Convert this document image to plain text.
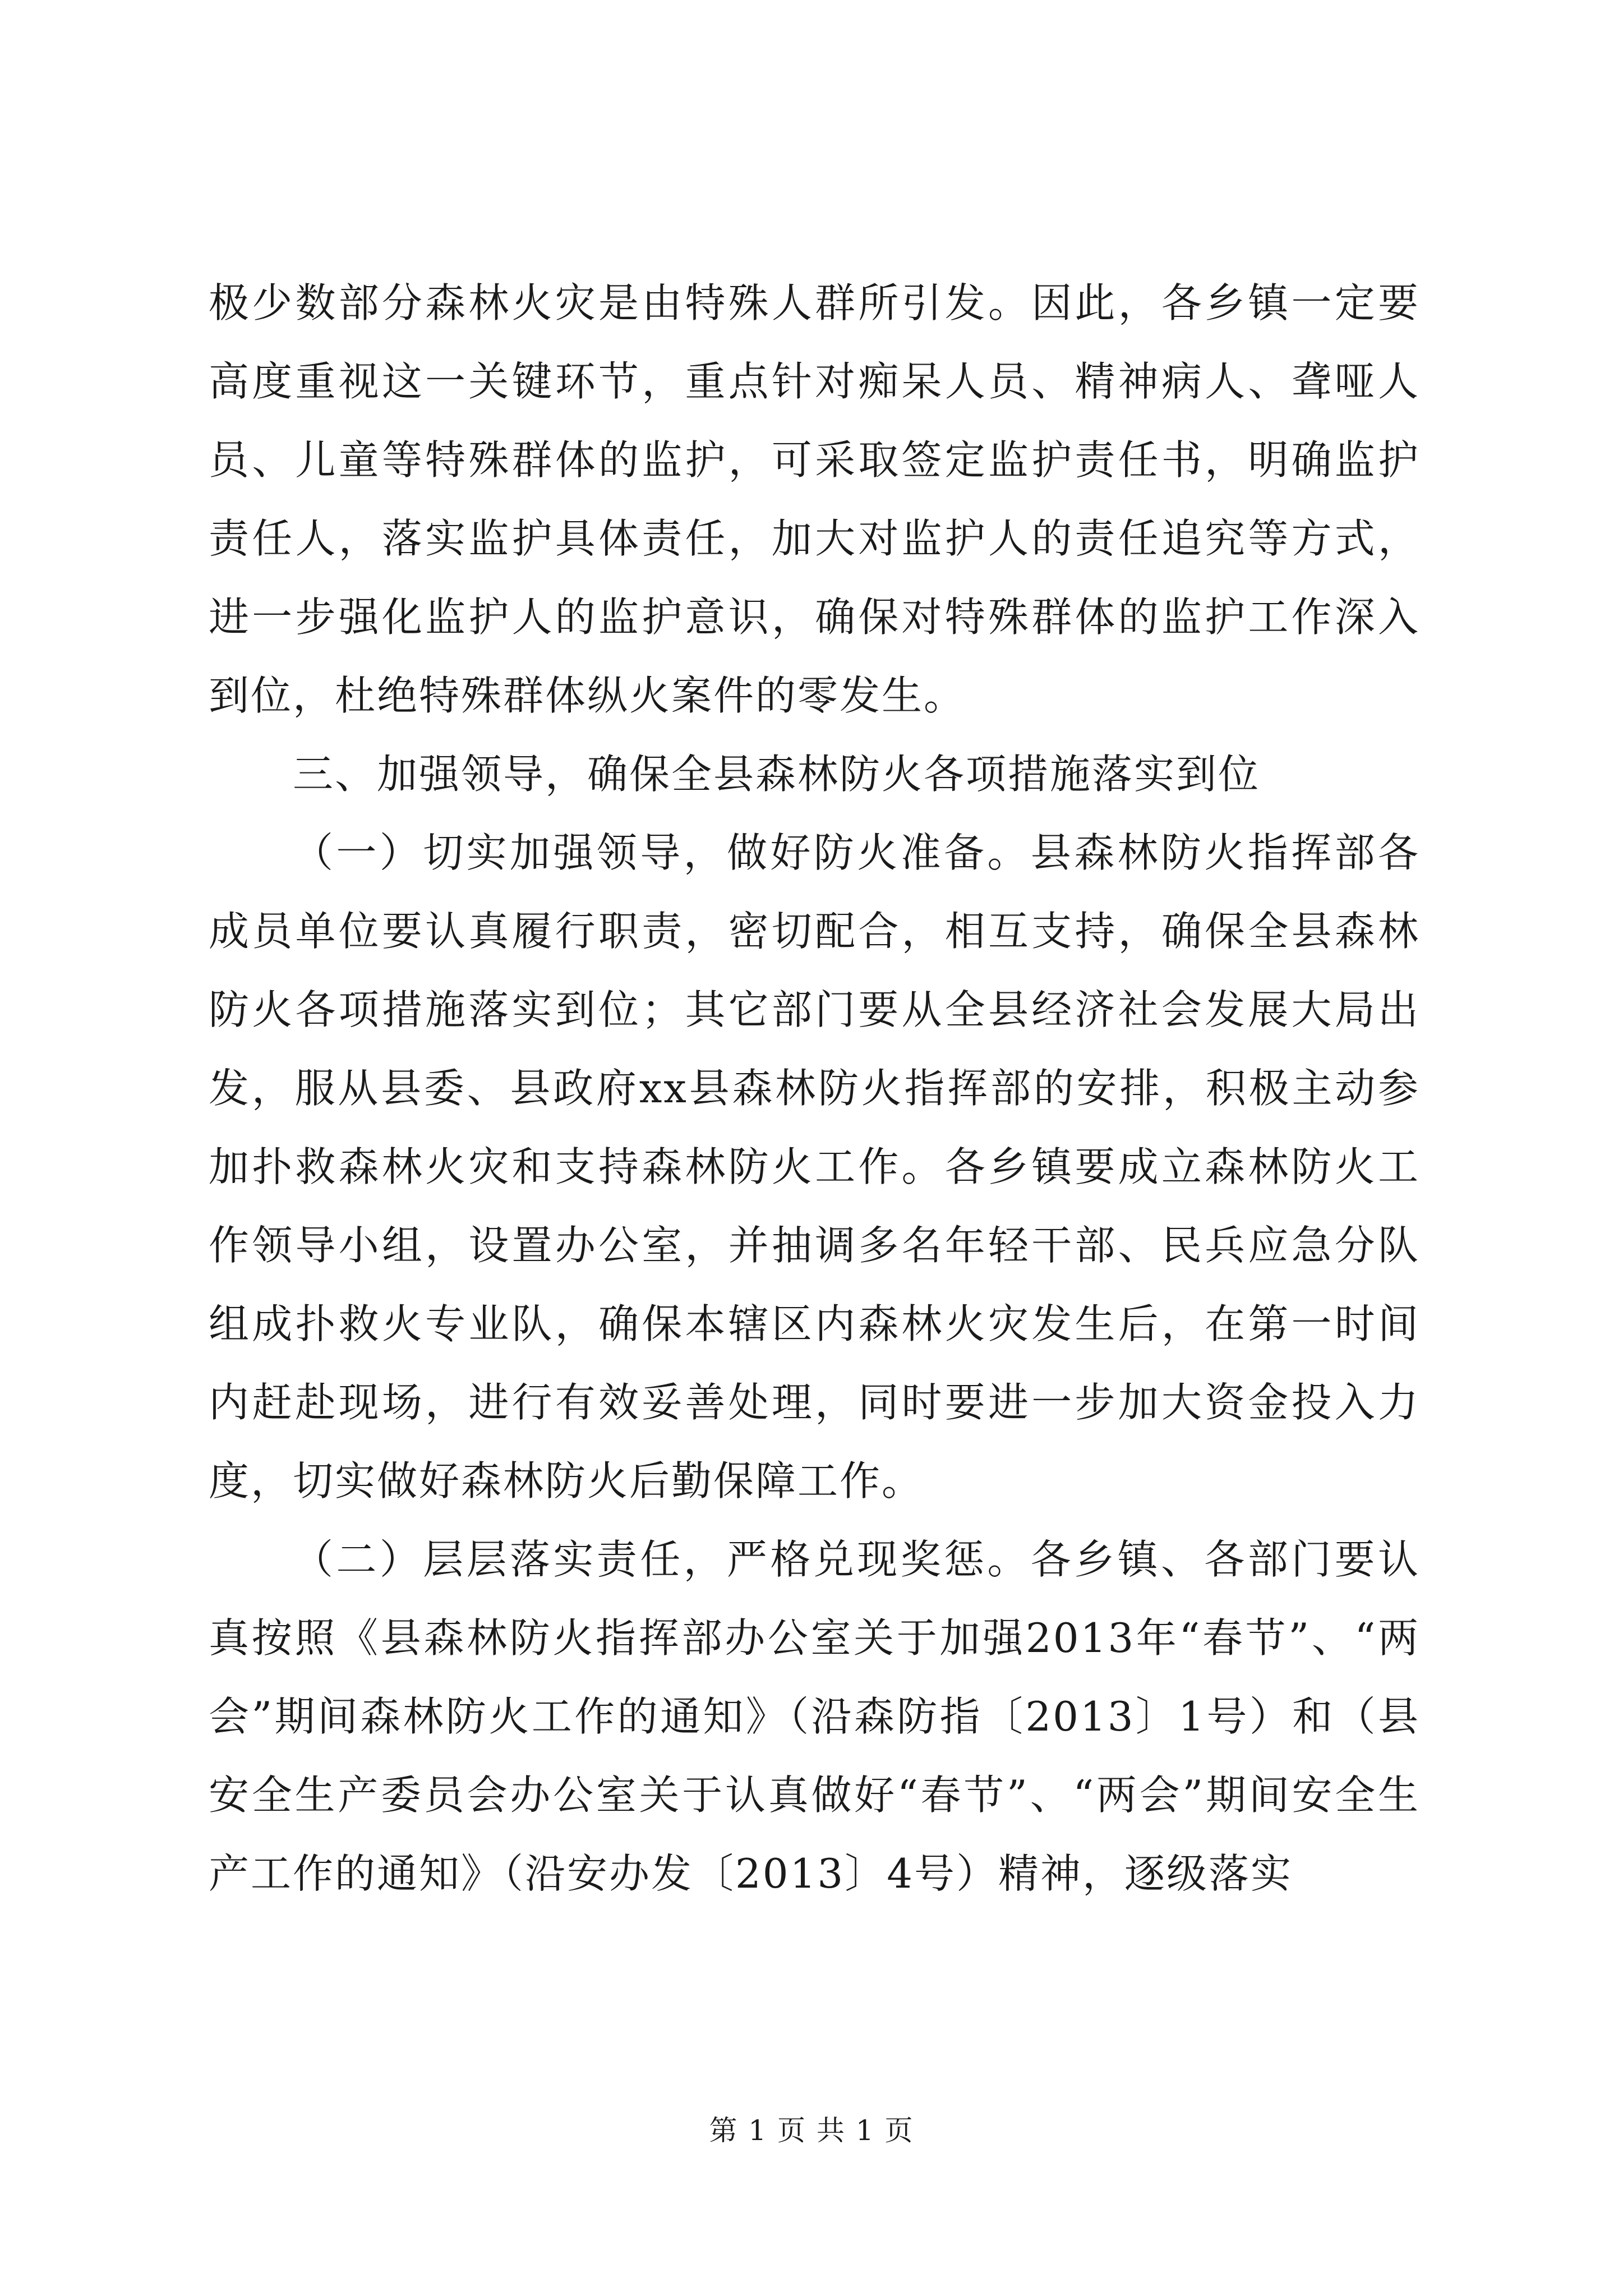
极少数部分森林火灾是由特殊人群所引发。因此，各乡镇一定要高度重视这一关键环节，重点针对痴呆人员、精神病人、聋哑人员、儿童等特殊群体的监护，可采取签定监护责任书，明确监护责任人，落实监护具体责任，加大对监护人的责任追究等方式，进一步强化监护人的监护意识，确保对特殊群体的监护工作深入到位，杜绝特殊群体纵火案件的零发生。

三、加强领导，确保全县森林防火各项措施落实到位

（一）切实加强领导，做好防火准备。县森林防火指挥部各成员单位要认真履行职责，密切配合，相互支持，确保全县森林防火各项措施落实到位；其它部门要从全县经济社会发展大局出发，服从县委、县政府xx县森林防火指挥部的安排，积极主动参加扑救森林火灾和支持森林防火工作。各乡镇要成立森林防火工作领导小组，设置办公室，并抽调多名年轻干部、民兵应急分队组成扑救火专业队，确保本辖区内森林火灾发生后，在第一时间内赶赴现场，进行有效妥善处理，同时要进一步加大资金投入力度，切实做好森林防火后勤保障工作。

（二）层层落实责任，严格兑现奖惩。各乡镇、各部门要认真按照《县森林防火指挥部办公室关于加强2013年“春节”、“两会”期间森林防火工作的通知》（沿森防指〔2013〕1号）和（县安全生产委员会办公室关于认真做好“春节”、“两会”期间安全生产工作的通知》（沿安办发〔2013〕4号）精神，逐级落实

第 1 页 共 1 页
